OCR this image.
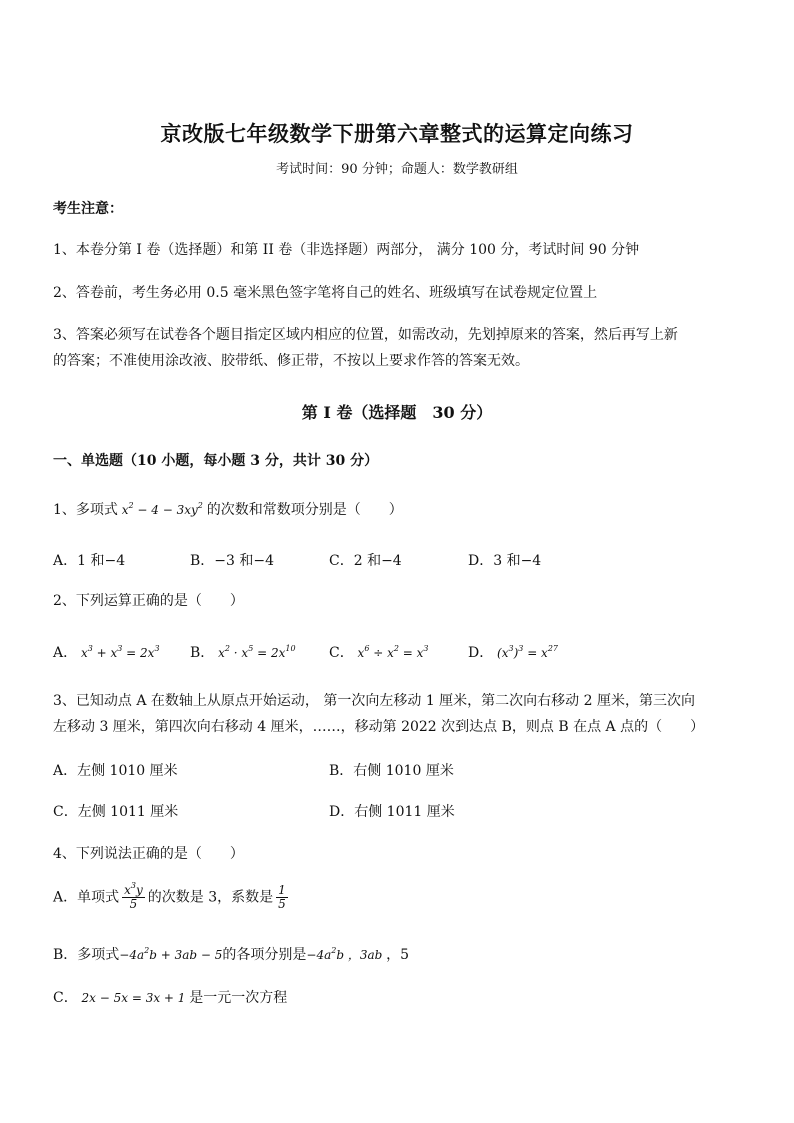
京改版七年级数学下册第六章整式的运算定向练习
考试时间：90 分钟；命题人：数学教研组
考生注意：
1、本卷分第 I 卷（选择题）和第 II 卷（非选择题）两部分， 满分 100 分，考试时间 90 分钟
2、答卷前，考生务必用 0.5 毫米黑色签字笔将自己的姓名、班级填写在试卷规定位置上
3、答案必须写在试卷各个题目指定区域内相应的位置，如需改动，先划掉原来的答案，然后再写上新
的答案；不准使用涂改液、胶带纸、修正带，不按以上要求作答的答案无效。
第 I 卷（选择题　30 分）
一、单选题（10 小题，每小题 3 分，共计 30 分）
1、多项式 $x^2 - 4 - 3xy^2$ 的次数和常数项分别是（　　）
A．1 和−4	B．−3 和−4	C．2 和−4	D．3 和−4
2、下列运算正确的是（　　）
A． $x^3 + x^3 = 2x^3$ B． $x^2 \cdot x^5 = 2x^{10}$ C． $x^6 \div x^2 = x^3$	D． $(x^3)^3 = x^{27}$
3、已知动点 A 在数轴上从原点开始运动， 第一次向左移动 1 厘米，第二次向右移动 2 厘米，第三次向
左移动 3 厘米，第四次向右移动 4 厘米，……，移动第 2022 次到达点 B，则点 B 在点 A 点的（　　）
A．左侧 1010 厘米	B．右侧 1010 厘米
C．左侧 1011 厘米	D．右侧 1011 厘米
4、下列说法正确的是（　　）
A．单项式 $\frac{x^3y}{5}$ 的次数是 3，系数是 $\frac{1}{5}$
B．多项式$-4a^2b + 3ab - 5$的各项分别是$-4a^2b$ ，3ab ，5
C． 2x − 5x = 3x + 1 是一元一次方程
